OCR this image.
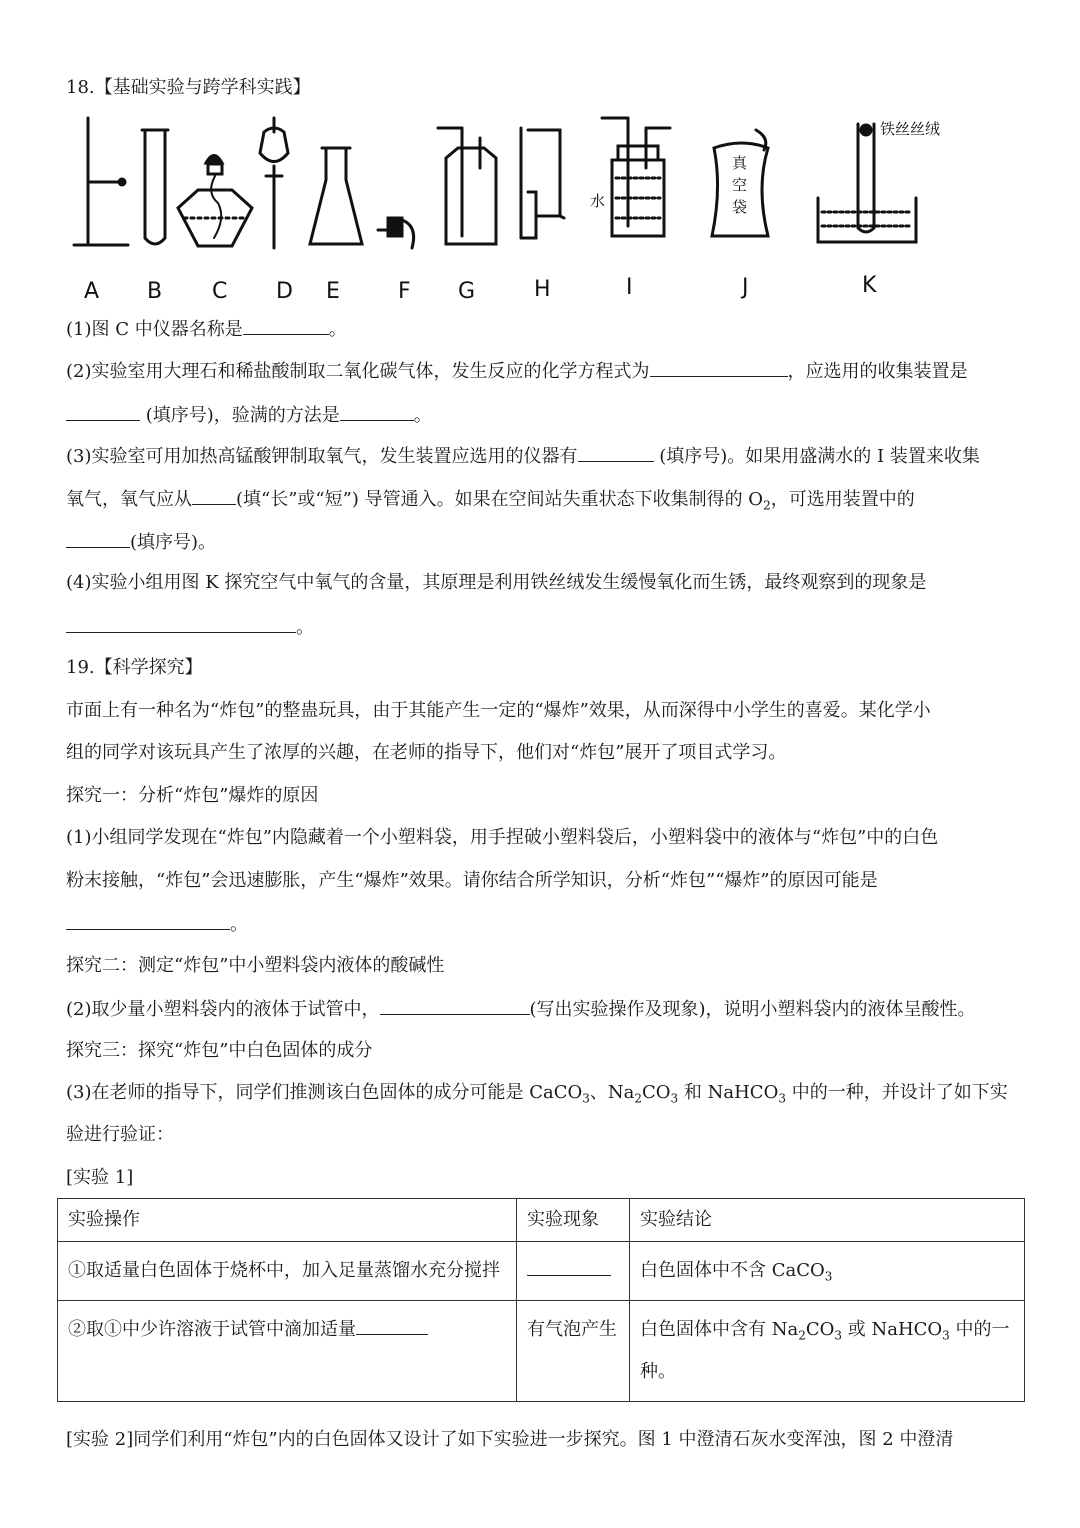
18.【基础实验与跨学科实践】
水
真
空
袋
铁丝丝绒
A B C D E	F G	H	I	J	K
(1)图 C 中仪器名称是	。
(2)实验室用大理石和稀盐酸制取二氧化碳气体，发生反应的化学方程式为	，应选用的收集装置是
(填序号)，验满的方法是	。
(3)实验室可用加热高锰酸钾制取氧气，发生装置应选用的仪器有	(填序号)。如果用盛满水的 I 装置来收集
氧气，氧气应从 (填“长”或“短”) 导管通入。如果在空间站失重状态下收集制得的 $O_2$，可选用装置中的
(填序号)。
(4)实验小组用图 K 探究空气中氧气的含量，其原理是利用铁丝绒发生缓慢氧化而生锈，最终观察到的现象是
。
19.【科学探究】
市面上有一种名为“炸包”的整蛊玩具，由于其能产生一定的“爆炸”效果，从而深得中小学生的喜爱。某化学小
组的同学对该玩具产生了浓厚的兴趣，在老师的指导下，他们对“炸包”展开了项目式学习。
探究一：分析“炸包”爆炸的原因
(1)小组同学发现在“炸包”内隐藏着一个小塑料袋，用手捏破小塑料袋后，小塑料袋中的液体与“炸包”中的白色
粉末接触，“炸包”会迅速膨胀，产生“爆炸”效果。请你结合所学知识，分析“炸包”“爆炸”的原因可能是
。
探究二：测定“炸包”中小塑料袋内液体的酸碱性
(2)取少量小塑料袋内的液体于试管中，	(写出实验操作及现象)，说明小塑料袋内的液体呈酸性。
探究三：探究“炸包”中白色固体的成分
(3)在老师的指导下，同学们推测该白色固体的成分可能是 CaCO$_3$、$Na_2CO_3$ 和 NaHCO$_3$ 中的一种，并设计了如下实
验进行验证：
[实验 1]
实验操作	实验现象	实验结论
①取适量白色固体于烧杯中，加入足量蒸馏水充分搅拌		白色固体中不含 CaCO$_3$
②取①中少许溶液于试管中滴加适量	有气泡产生	白色固体中含有 $Na_2CO_3$ 或 NaHCO$_3$ 中的一种。
[实验 2]同学们利用“炸包”内的白色固体又设计了如下实验进一步探究。图 1 中澄清石灰水变浑浊，图 2 中澄清
